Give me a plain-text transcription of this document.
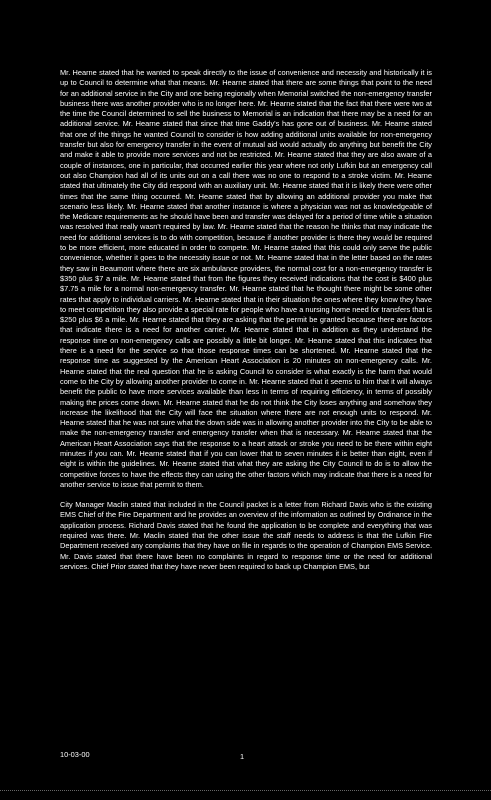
Mr. Hearne stated that he wanted to speak directly to the issue of convenience and necessity and historically it is up to Council to determine what that means. Mr. Hearne stated that there are some things that point to the need for an additional service in the City and one being regionally when Memorial switched the non-emergency transfer business there was another provider who is no longer here. Mr. Hearne stated that the fact that there were two at the time the Council determined to sell the business to Memorial is an indication that there may be a need for an additional service. Mr. Hearne stated that since that time Gaddy's has gone out of business. Mr. Hearne stated that one of the things he wanted Council to consider is how adding additional units available for non-emergency transfer but also for emergency transfer in the event of mutual aid would actually do anything but benefit the City and make it able to provide more services and not be restricted. Mr. Hearne stated that they are also aware of a couple of instances, one in particular, that occurred earlier this year where not only Lufkin but an emergency call out also Champion had all of its units out on a call there was no one to respond to a stroke victim. Mr. Hearne stated that ultimately the City did respond with an auxiliary unit. Mr. Hearne stated that it is likely there were other times that the same thing occurred. Mr. Hearne stated that by allowing an additional provider you make that scenario less likely. Mr. Hearne stated that another instance is where a physician was not as knowledgeable of the Medicare requirements as he should have been and transfer was delayed for a period of time while a situation was resolved that really wasn't required by law. Mr. Hearne stated that the reason he thinks that may indicate the need for additional services is to do with competition, because if another provider is there they would be required to be more efficient, more educated in order to compete. Mr. Hearne stated that this could only serve the public convenience, whether it goes to the necessity issue or not. Mr. Hearne stated that in the letter based on the rates they saw in Beaumont where there are six ambulance providers, the normal cost for a non-emergency transfer is $350 plus $7 a mile. Mr. Hearne stated that from the figures they received indications that the cost is $400 plus $7.75 a mile for a normal non-emergency transfer. Mr. Hearne stated that he thought there might be some other rates that apply to individual carriers. Mr. Hearne stated that in their situation the ones where they know they have to meet competition they also provide a special rate for people who have a nursing home need for transfers that is $250 plus $6 a mile. Mr. Hearne stated that they are asking that the permit be granted because there are factors that indicate there is a need for another carrier. Mr. Hearne stated that in addition as they understand the response time on non-emergency calls are possibly a little bit longer. Mr. Hearne stated that this indicates that there is a need for the service so that those response times can be shortened. Mr. Hearne stated that the response time as suggested by the American Heart Association is 20 minutes on non-emergency calls. Mr. Hearne stated that the real question that he is asking Council to consider is what exactly is the harm that would come to the City by allowing another provider to come in. Mr. Hearne stated that it seems to him that it will always benefit the public to have more services available than less in terms of requiring efficiency, in terms of possibly making the prices come down. Mr. Hearne stated that he do not think the City loses anything and somehow they increase the likelihood that the City will face the situation where there are not enough units to respond. Mr. Hearne stated that he was not sure what the down side was in allowing another provider into the City to be able to make the non-emergency transfer and emergency transfer when that is necessary. Mr. Hearne stated that the American Heart Association says that the response to a heart attack or stroke you need to be there within eight minutes if you can. Mr. Hearne stated that if you can lower that to seven minutes it is better than eight, even if eight is within the guidelines. Mr. Hearne stated that what they are asking the City Council to do is to allow the competitive forces to have the effects they can using the other factors which may indicate that there is a need for another service to issue that permit to them.

City Manager Maclin stated that included in the Council packet is a letter from Richard Davis who is the existing EMS Chief of the Fire Department and he provides an overview of the information as outlined by Ordinance in the application process. Richard Davis stated that he found the application to be complete and everything that was required was there. Mr. Maclin stated that the other issue the staff needs to address is that the Lufkin Fire Department received any complaints that they have on file in regards to the operation of Champion EMS Service. Mr. Davis stated that there have been no complaints in regard to response time or the need for additional services. Chief Prior stated that they have never been required to back up Champion EMS, but

10-03-00	1
